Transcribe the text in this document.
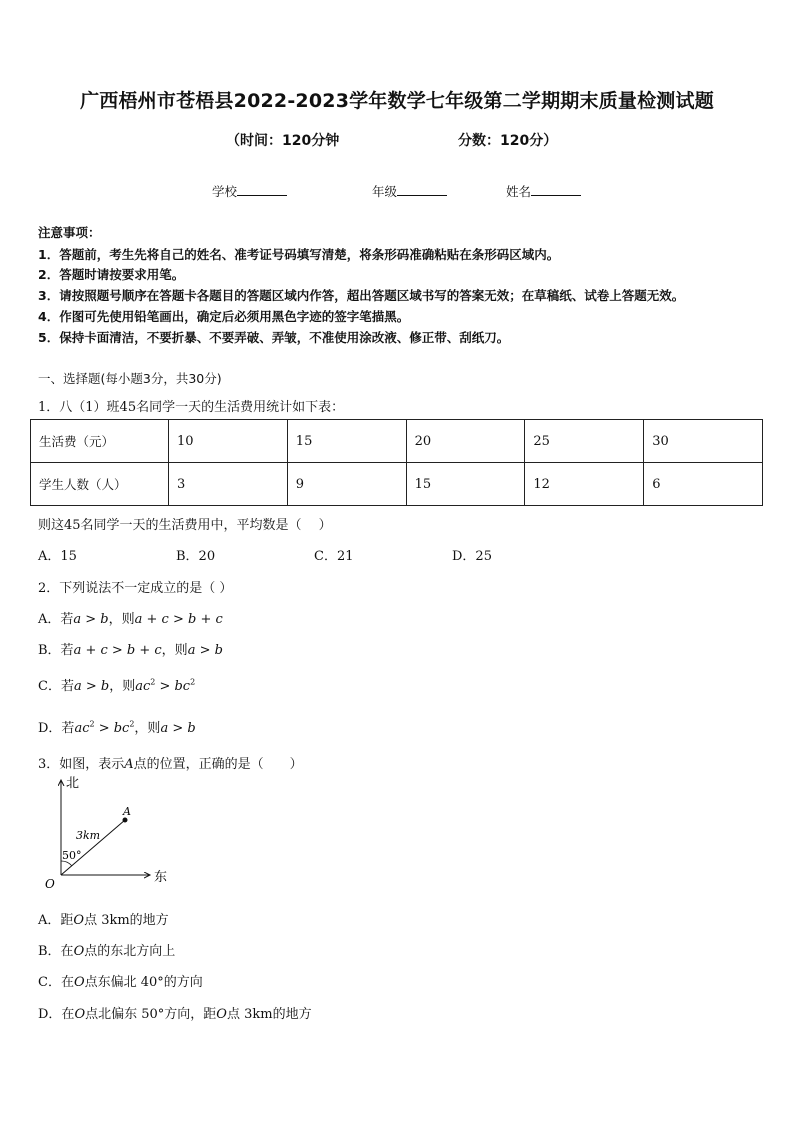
广西梧州市苍梧县2022-2023学年数学七年级第二学期期末质量检测试题
（时间：120分钟	分数：120分）
学校	年级	姓名
注意事项：
1．答题前，考生先将自己的姓名、准考证号码填写清楚，将条形码准确粘贴在条形码区域内。
2．答题时请按要求用笔。
3．请按照题号顺序在答题卡各题目的答题区域内作答，超出答题区域书写的答案无效；在草稿纸、试卷上答题无效。
4．作图可先使用铅笔画出，确定后必须用黑色字迹的签字笔描黑。
5．保持卡面清洁，不要折暴、不要弄破、弄皱，不准使用涂改液、修正带、刮纸刀。
一、选择题(每小题3分，共30分)
1．八（1）班45名同学一天的生活费用统计如下表：
生活费（元）	10	15	20	25	30
学生人数（人）	3	9	15	12	6
则这45名同学一天的生活费用中，平均数是（　 ）
A．15	B．20	C．21	D．25
2．下列说法不一定成立的是（ ）
A．若a > b，则a + c > b + c
B．若a + c > b + c，则a > b
C．若a > b，则$ac^2 > bc^2$
D．若$ac^2 > bc^2$，则a > b
3．如图，表示A点的位置，正确的是（　　）
北
东
O
A
3km
50°
A．距O点 3km的地方
B．在O点的东北方向上
C．在O点东偏北 40°的方向
D．在O点北偏东 50°方向，距O点 3km的地方
